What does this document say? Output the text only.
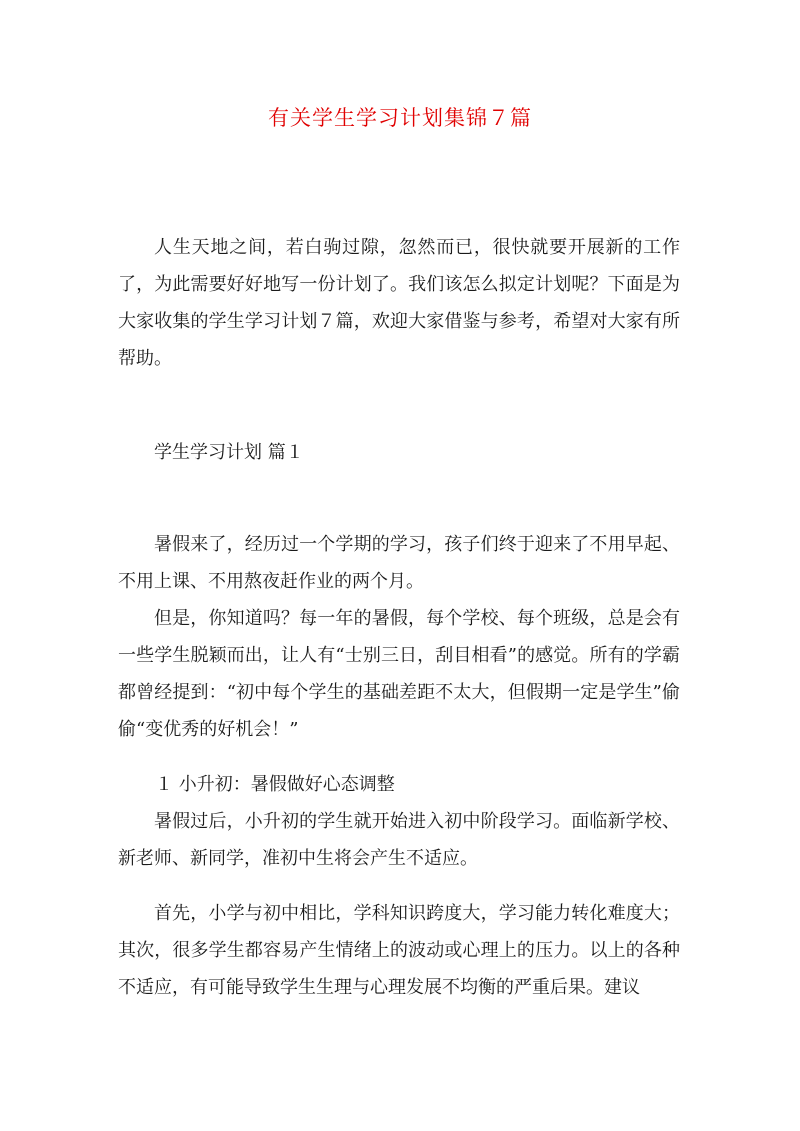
有关学生学习计划集锦７篇

人生天地之间，若白驹过隙，忽然而已，很快就要开展新的工作了，为此需要好好地写一份计划了。我们该怎么拟定计划呢？下面是为大家收集的学生学习计划７篇，欢迎大家借鉴与参考，希望对大家有所帮助。

学生学习计划 篇１

暑假来了，经历过一个学期的学习，孩子们终于迎来了不用早起、不用上课、不用熬夜赶作业的两个月。

但是，你知道吗？每一年的暑假，每个学校、每个班级，总是会有一些学生脱颖而出，让人有“士别三日，刮目相看”的感觉。所有的学霸都曾经提到：“初中每个学生的基础差距不太大，但假期一定是学生”偷偷“变优秀的好机会！”

１ 小升初：暑假做好心态调整

暑假过后，小升初的学生就开始进入初中阶段学习。面临新学校、新老师、新同学，准初中生将会产生不适应。

首先，小学与初中相比，学科知识跨度大，学习能力转化难度大；其次，很多学生都容易产生情绪上的波动或心理上的压力。以上的各种不适应，有可能导致学生生理与心理发展不均衡的严重后果。建议
